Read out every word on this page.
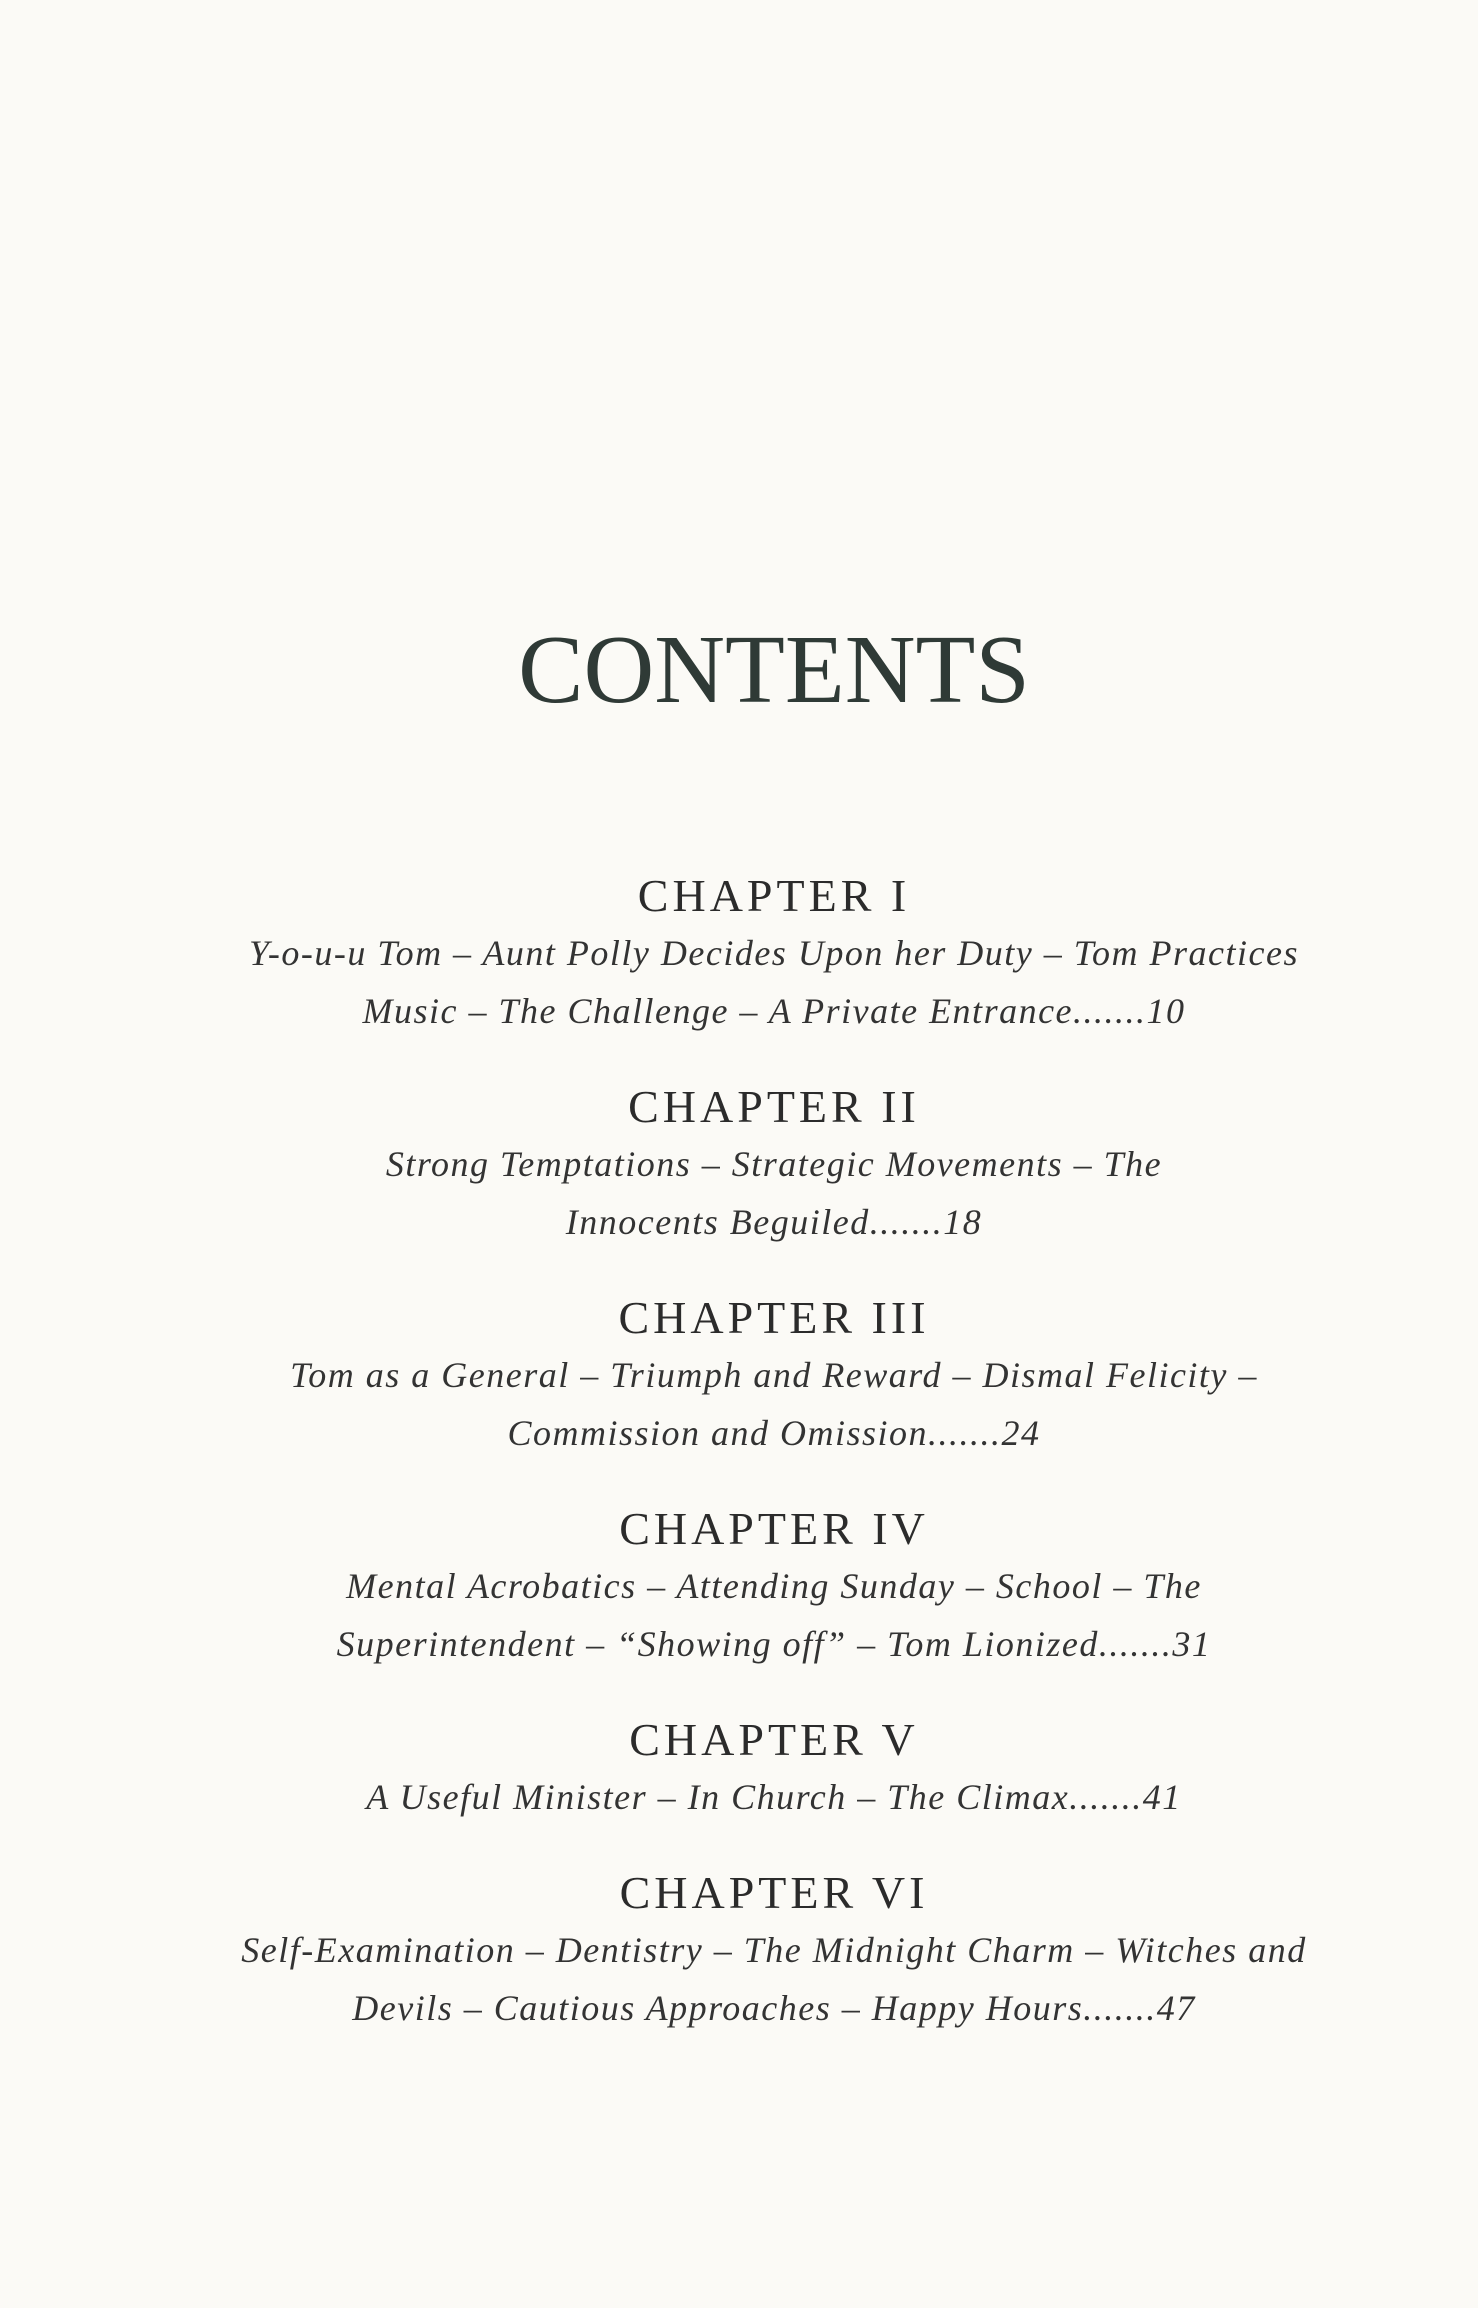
CONTENTS

CHAPTER I

Y-o-u-u Tom – Aunt Polly Decides Upon her Duty – Tom Practices Music – The Challenge – A Private Entrance.......10

CHAPTER II

Strong Temptations – Strategic Movements – The Innocents Beguiled.......18

CHAPTER III

Tom as a General – Triumph and Reward – Dismal Felicity – Commission and Omission.......24

CHAPTER IV

Mental Acrobatics – Attending Sunday – School – The Superintendent – “Showing off” – Tom Lionized.......31

CHAPTER V

A Useful Minister – In Church – The Climax.......41

CHAPTER VI

Self-Examination – Dentistry – The Midnight Charm – Witches and Devils – Cautious Approaches – Happy Hours.......47
